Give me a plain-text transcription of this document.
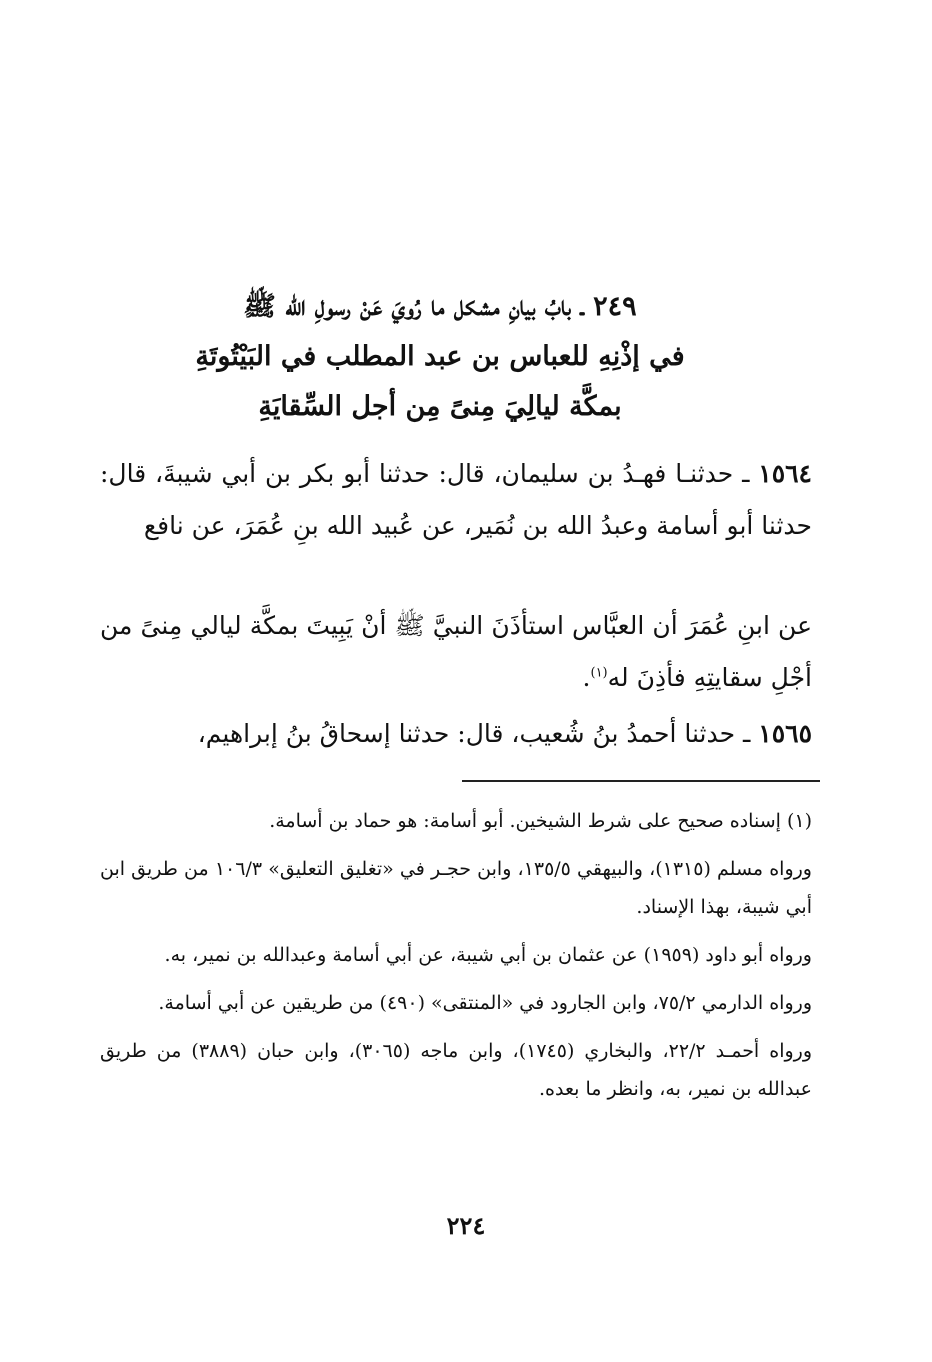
٢٤٩ ـ بابُ بيانِ مشكل ما رُويَ عَنْ رسولِ الله ﷺ
في إذْنِهِ للعباس بن عبد المطلب في البَيْتُوتَةِ
بمكَّة ليالِيَ مِنىً مِن أجل السِّقايَةِ
١٥٦٤ ـ حدثنـا فهـدُ بن سليمان، قال: حدثنا أبو بكر بن أبي شيبةَ، قال: حدثنا أبو أسامة وعبدُ الله بن نُمَير، عن عُبيد الله بنِ عُمَرَ، عن نافع
عن ابنِ عُمَرَ أن العبَّاس استأذَنَ النبيَّ ﷺ أنْ يَبِيتَ بمكَّة ليالي مِنىً من أجْلِ سقايتِهِ فأذِنَ له$^{(١)}$.
١٥٦٥ ـ حدثنا أحمدُ بنُ شُعيب، قال: حدثنا إسحاقُ بنُ إبراهيم،

(١) إسناده صحيح على شرط الشيخين. أبو أسامة: هو حماد بن أسامة.

ورواه مسلم (١٣١٥)، والبيهقي ١٣٥/٥، وابن حجـر في «تغليق التعليق» ١٠٦/٣ من طريق ابن أبي شيبة، بهذا الإسناد.

ورواه أبو داود (١٩٥٩) عن عثمان بن أبي شيبة، عن أبي أسامة وعبدالله بن نمير، به.

ورواه الدارمي ٧٥/٢، وابن الجارود في «المنتقى» (٤٩٠) من طريقين عن أبي أسامة.

ورواه أحمـد ٢٢/٢، والبخاري (١٧٤٥)، وابن ماجه (٣٠٦٥)، وابن حبان (٣٨٨٩) من طريق عبدالله بن نمير، به، وانظر ما بعده.

٢٢٤
